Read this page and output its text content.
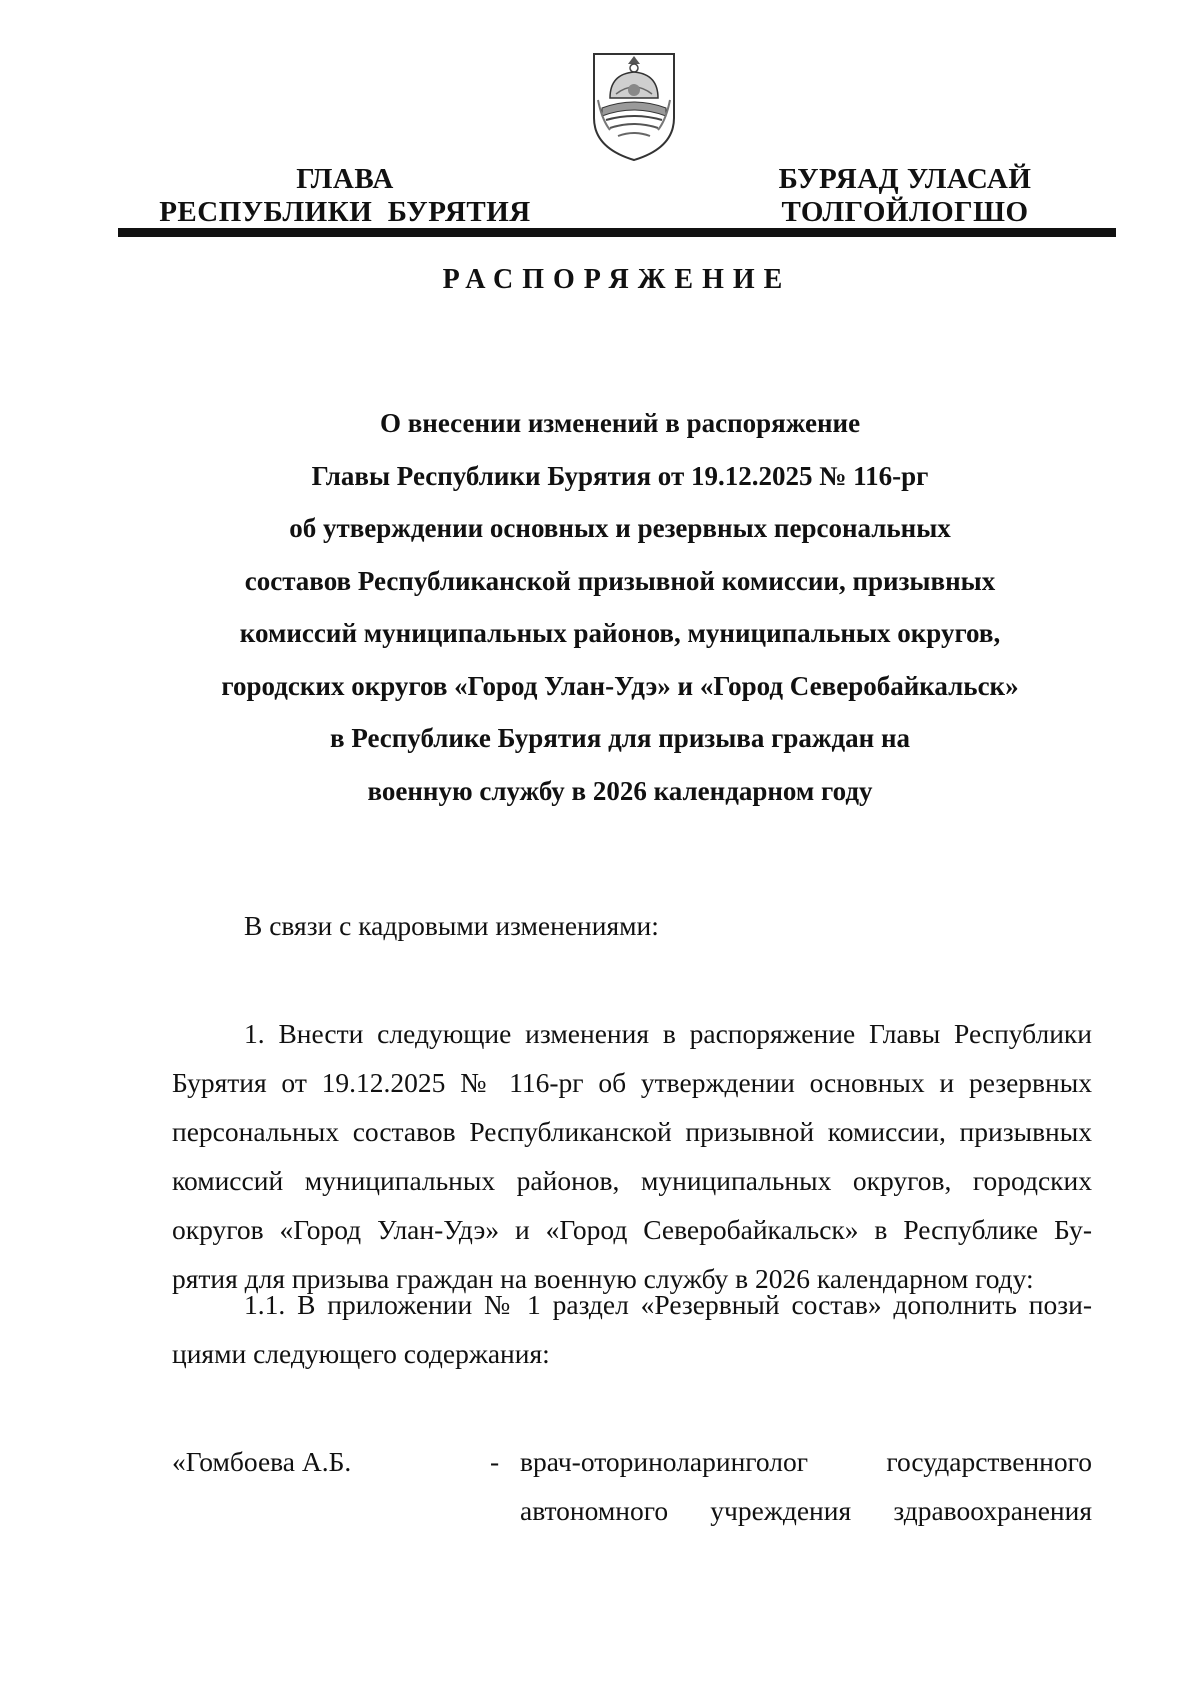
ГЛАВА
РЕСПУБЛИКИ  БУРЯТИЯ
БУРЯАД УЛАСАЙ
ТОЛГОЙЛОГШО
РАСПОРЯЖЕНИЕ
О внесении изменений в распоряжение
Главы Республики Бурятия от 19.12.2025 № 116-рг
об утверждении основных и резервных персональных
составов Республиканской призывной комиссии, призывных
комиссий муниципальных районов, муниципальных округов,
городских округов «Город Улан-Удэ» и «Город Северобайкальск»
в Республике Бурятия для призыва граждан на
военную службу в 2026 календарном году
В связи с кадровыми изменениями:
1. Внести следующие изменения в распоряжение Главы Республики
Бурятия от 19.12.2025 № 116-рг об утверждении основных и резервных
персональных составов Республиканской призывной комиссии, призывных
комиссий муниципальных районов, муниципальных округов, городских
округов «Город Улан-Удэ» и «Город Северобайкальск» в Республике Бу-
рятия для призыва граждан на военную службу в 2026 календарном году:
1.1. В приложении № 1 раздел «Резервный состав» дополнить пози-
циями следующего содержания:
«Гомбоева А.Б.	- врач-оториноларинголог государственного
автономного учреждения здравоохранения
